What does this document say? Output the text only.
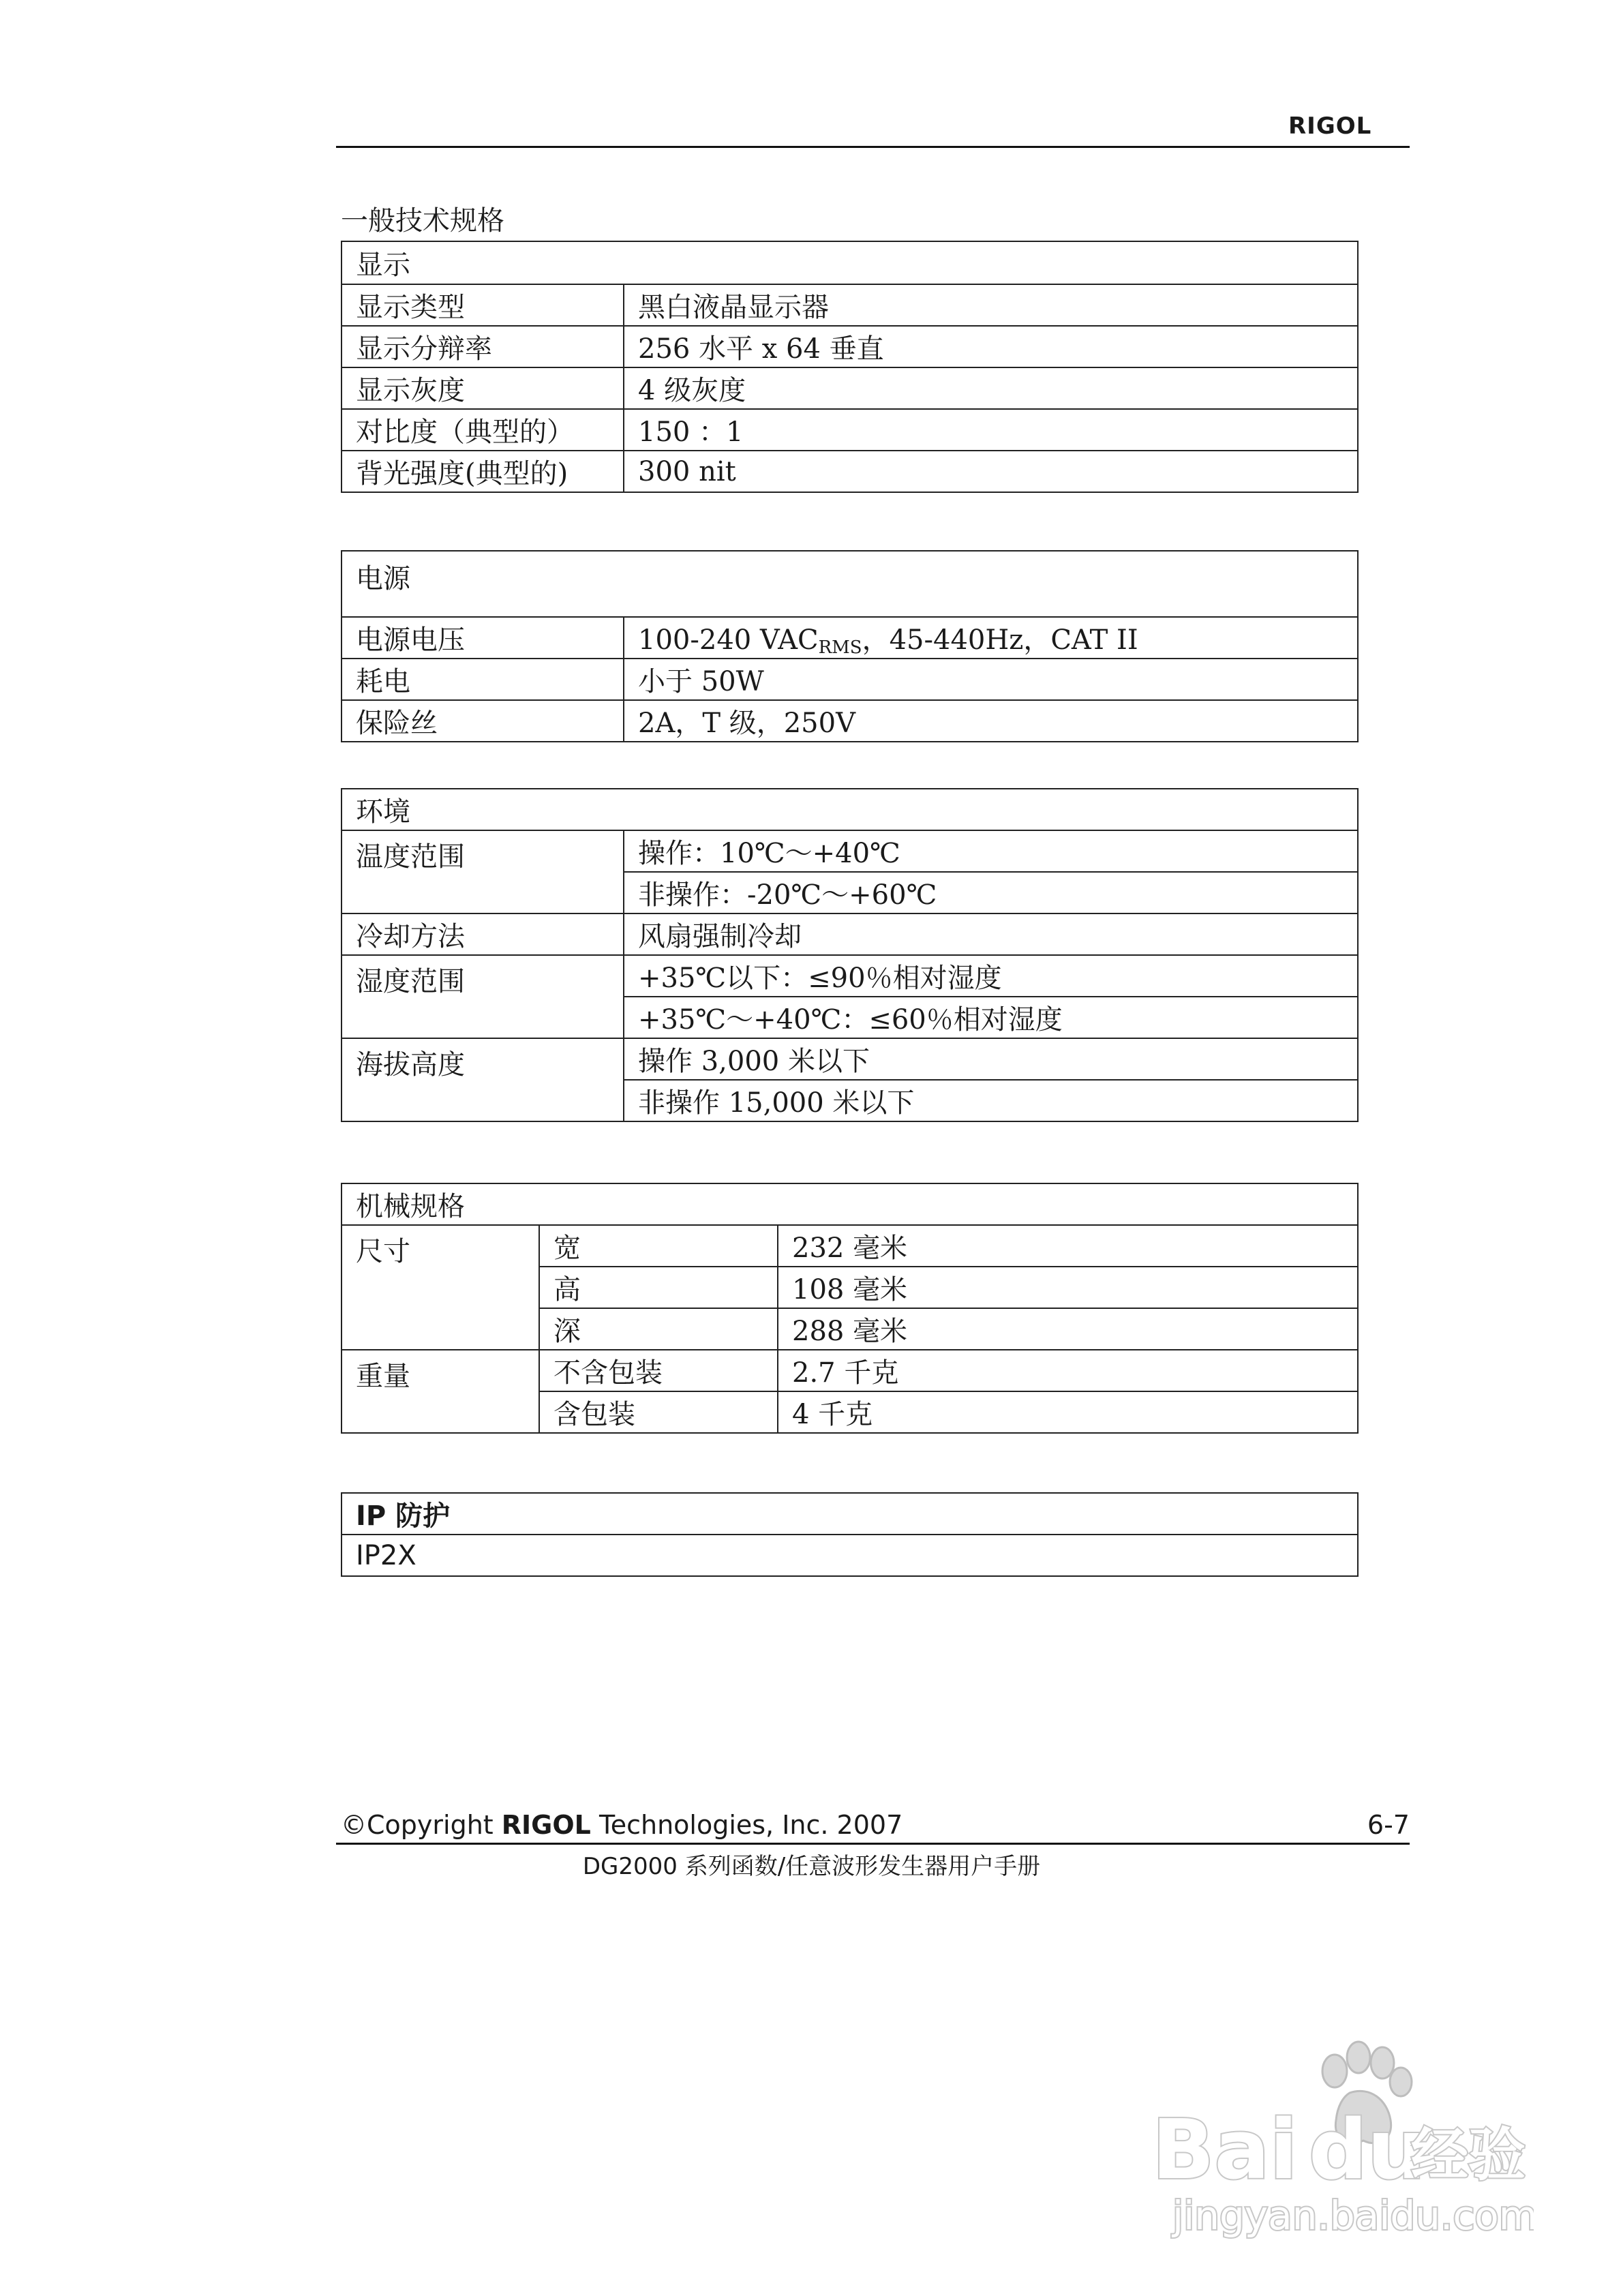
RIGOL
一般技术规格
显示	
显示类型	黑白液晶显示器
显示分辩率	256 水平 x 64 垂直
显示灰度	4 级灰度
对比度（典型的）	150 ：1
背光强度(典型的)	300 nit
电源	
电源电压	100-240 $VAC_{RMS}$，45-440Hz，CAT II
耗电	小于 50W
保险丝	2A，T 级，250V
环境	
温度范围	操作：10℃～+40℃
	非操作：-20℃～+60℃
冷却方法	风扇强制冷却
湿度范围	+35℃以下：≤90％相对湿度
	+35℃～+40℃：≤60％相对湿度
海拔高度	操作 3,000 米以下
	非操作 15,000 米以下
机械规格		
尺寸	宽	232 毫米
	高	108 毫米
	深	288 毫米
重量	不含包装	2.7 千克
	含包装	4 千克
IP 防护
IP2X
©Copyright RIGOL Technologies, Inc. 2007	6-7
DG2000 系列函数/任意波形发生器用户手册
Bai du
经验
jingyan.baidu.com
